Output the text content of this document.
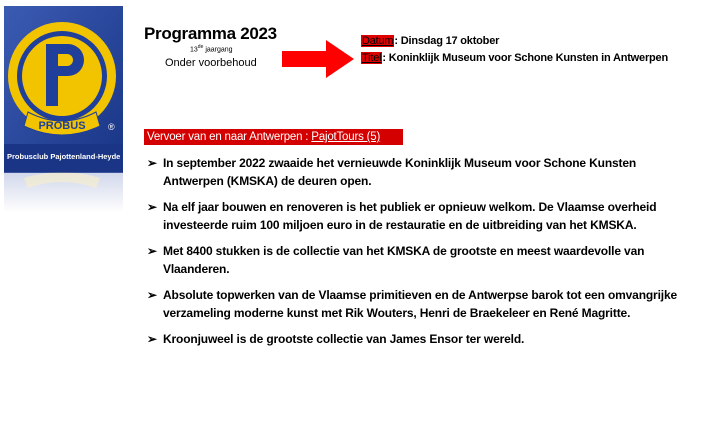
PROBUS ®
Probusclub Pajottenland-Heyde
Programma 2023
13de jaargang
Onder voorbehoud
Datum: Dinsdag 17 oktober
Titel: Koninklijk Museum voor Schone Kunsten in Antwerpen
Vervoer van en naar Antwerpen : PajotTours (5)
➢ In september 2022 zwaaide het vernieuwde Koninklijk Museum voor Schone Kunsten Antwerpen (KMSKA) de deuren open.
➢ Na elf jaar bouwen en renoveren is het publiek er opnieuw welkom. De Vlaamse overheid investeerde ruim 100 miljoen euro in de restauratie en de uitbreiding van het KMSKA.
➢ Met 8400 stukken is de collectie van het KMSKA de grootste en meest waardevolle van Vlaanderen.
➢ Absolute topwerken van de Vlaamse primitieven en de Antwerpse barok tot een omvangrijke verzameling moderne kunst met Rik Wouters, Henri de Braekeleer en René Magritte.
➢ Kroonjuweel is de grootste collectie van James Ensor ter wereld.
